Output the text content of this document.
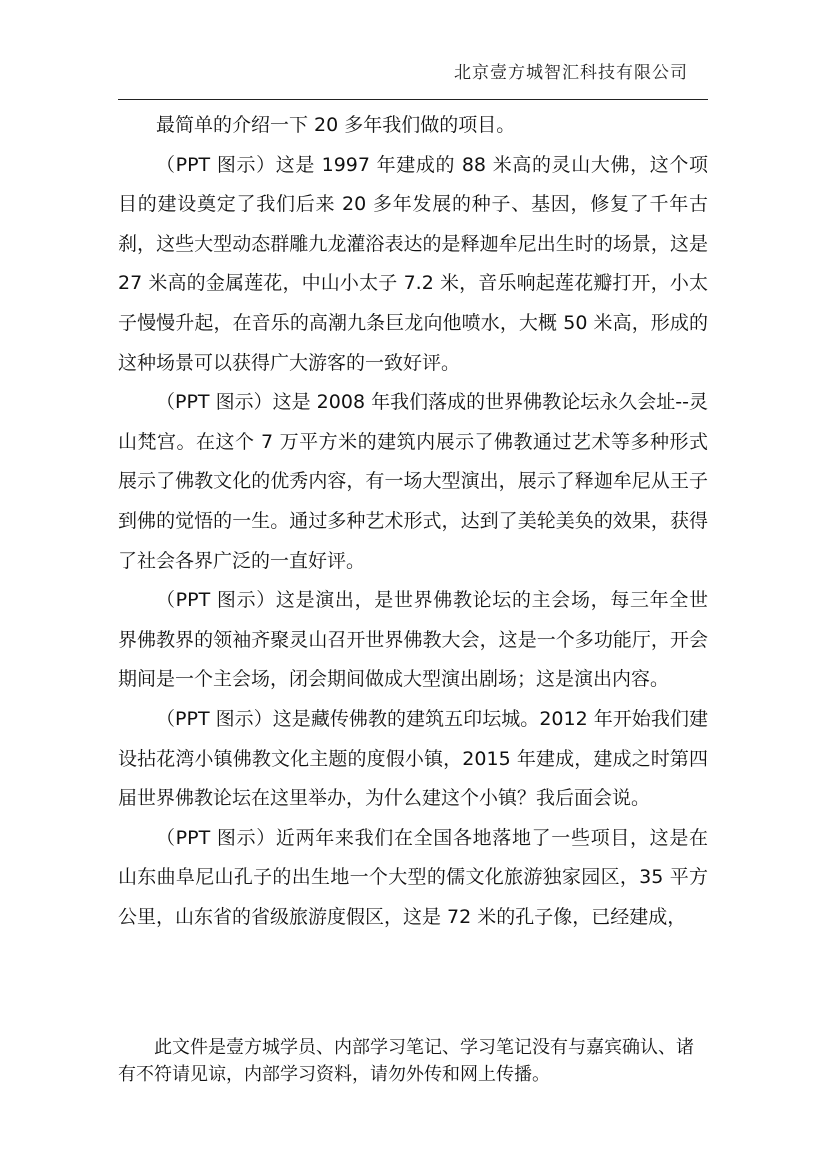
北京壹方城智汇科技有限公司

最简单的介绍一下 20 多年我们做的项目。

（PPT 图示）这是 1997 年建成的 88 米高的灵山大佛，这个项目的建设奠定了我们后来 20 多年发展的种子、基因，修复了千年古刹，这些大型动态群雕九龙灌浴表达的是释迦牟尼出生时的场景，这是 27 米高的金属莲花，中山小太子 7.2 米，音乐响起莲花瓣打开，小太子慢慢升起，在音乐的高潮九条巨龙向他喷水，大概 50 米高，形成的这种场景可以获得广大游客的一致好评。

（PPT 图示）这是 2008 年我们落成的世界佛教论坛永久会址--灵山梵宫。在这个 7 万平方米的建筑内展示了佛教通过艺术等多种形式展示了佛教文化的优秀内容，有一场大型演出，展示了释迦牟尼从王子到佛的觉悟的一生。通过多种艺术形式，达到了美轮美奂的效果，获得了社会各界广泛的一直好评。

（PPT 图示）这是演出，是世界佛教论坛的主会场，每三年全世界佛教界的领袖齐聚灵山召开世界佛教大会，这是一个多功能厅，开会期间是一个主会场，闭会期间做成大型演出剧场；这是演出内容。

（PPT 图示）这是藏传佛教的建筑五印坛城。2012 年开始我们建设拈花湾小镇佛教文化主题的度假小镇，2015 年建成，建成之时第四届世界佛教论坛在这里举办，为什么建这个小镇？我后面会说。

（PPT 图示）近两年来我们在全国各地落地了一些项目，这是在山东曲阜尼山孔子的出生地一个大型的儒文化旅游独家园区，35 平方公里，山东省的省级旅游度假区，这是 72 米的孔子像，已经建成，

此文件是壹方城学员、内部学习笔记、学习笔记没有与嘉宾确认、诸有不符请见谅，内部学习资料，请勿外传和网上传播。
